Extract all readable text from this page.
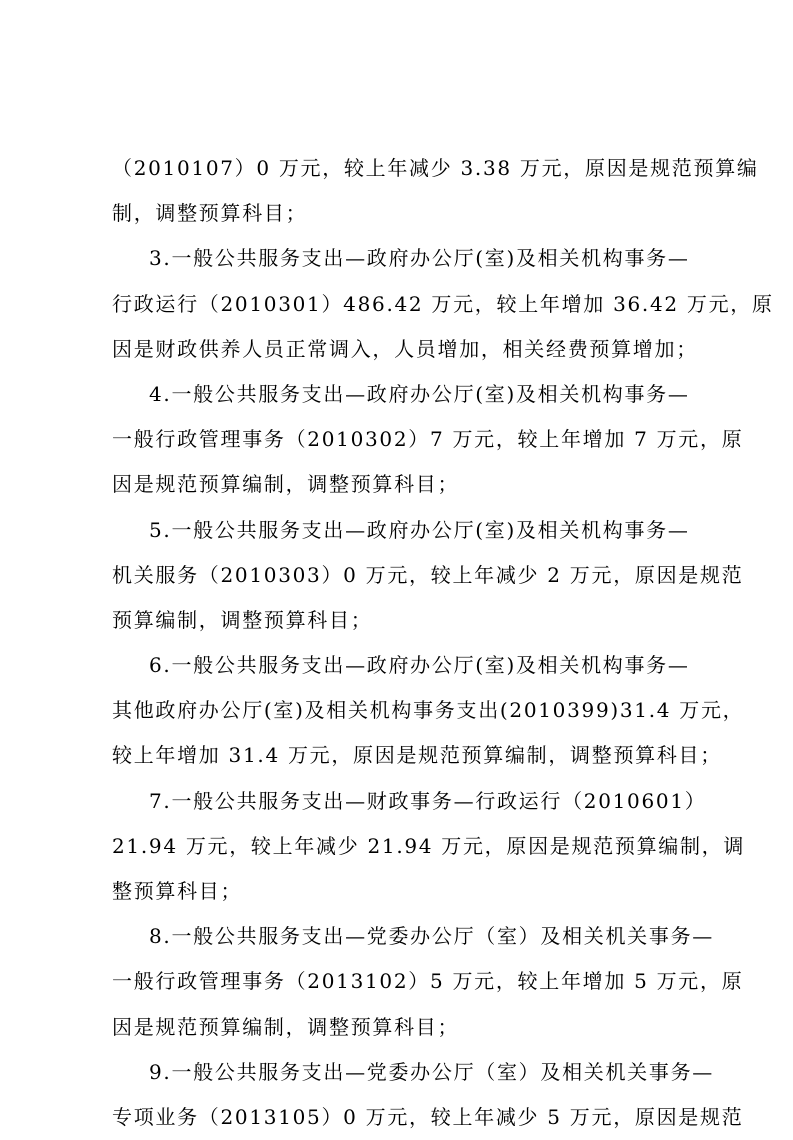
（2010107）0 万元，较上年减少 3.38 万元，原因是规范预算编
制，调整预算科目；
3.一般公共服务支出—政府办公厅(室)及相关机构事务—
行政运行（2010301）486.42 万元，较上年增加 36.42 万元，原
因是财政供养人员正常调入，人员增加，相关经费预算增加；
4.一般公共服务支出—政府办公厅(室)及相关机构事务—
一般行政管理事务（2010302）7 万元，较上年增加 7 万元，原
因是规范预算编制，调整预算科目；
5.一般公共服务支出—政府办公厅(室)及相关机构事务—
机关服务（2010303）0 万元，较上年减少 2 万元，原因是规范
预算编制，调整预算科目；
6.一般公共服务支出—政府办公厅(室)及相关机构事务—
其他政府办公厅(室)及相关机构事务支出(2010399)31.4 万元，
较上年增加 31.4 万元，原因是规范预算编制，调整预算科目；
7.一般公共服务支出—财政事务—行政运行（2010601）
21.94 万元，较上年减少 21.94 万元，原因是规范预算编制，调
整预算科目；
8.一般公共服务支出—党委办公厅（室）及相关机关事务—
一般行政管理事务（2013102）5 万元，较上年增加 5 万元，原
因是规范预算编制，调整预算科目；
9.一般公共服务支出—党委办公厅（室）及相关机关事务—
专项业务（2013105）0 万元，较上年减少 5 万元，原因是规范
